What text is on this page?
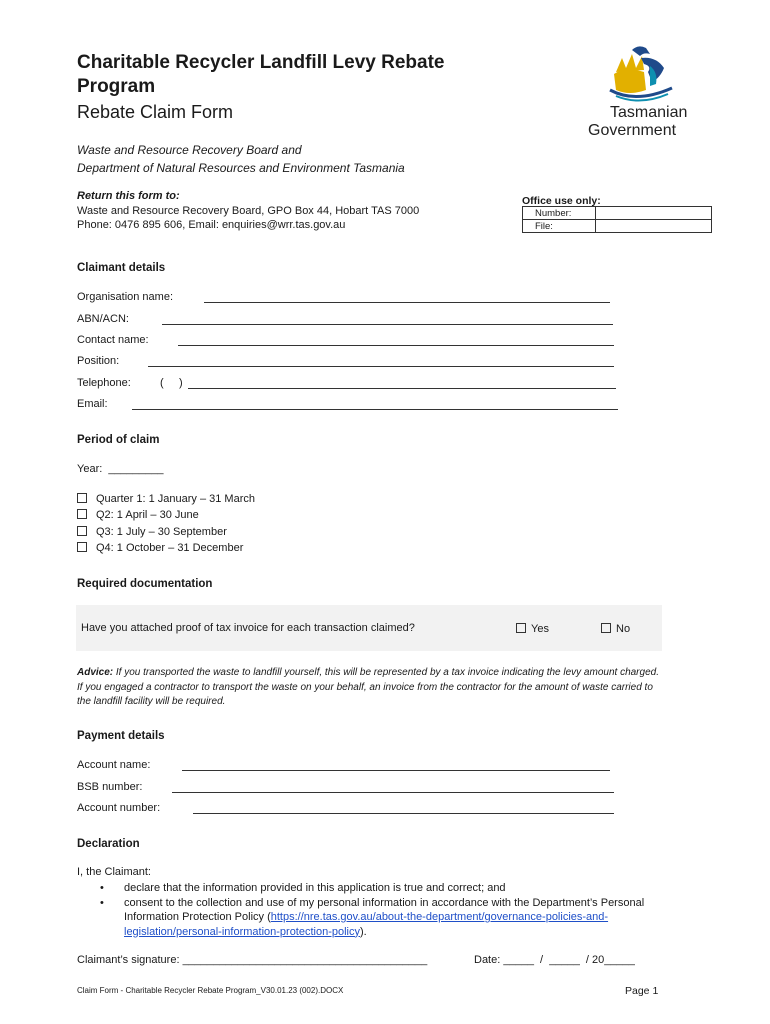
Charitable Recycler Landfill Levy Rebate
Program
Rebate Claim Form
Waste and Resource Recovery Board and
Department of Natural Resources and Environment Tasmania
Tasmanian
Government
Return this form to:
Waste and Resource Recovery Board, GPO Box 44, Hobart TAS 7000
Phone: 0476 895 606, Email: enquiries@wrr.tas.gov.au
Office use only:
Number:	
File:	
Claimant details
Organisation name:
ABN/ACN:
Contact name:
Position:
Telephone:	(     )
Email:
Period of claim
Year:  _________
Quarter 1: 1 January – 31 March
Q2: 1 April – 30 June
Q3: 1 July – 30 September
Q4: 1 October – 31 December
Required documentation
Have you attached proof of tax invoice for each transaction claimed?	Yes	No
Advice: If you transported the waste to landfill yourself, this will be represented by a tax invoice indicating the levy amount charged. If you engaged a contractor to transport the waste on your behalf, an invoice from the contractor for the amount of waste carried to the landfill facility will be required.
Payment details
Account name:
BSB number:
Account number:
Declaration
I, the Claimant:
• declare that the information provided in this application is true and correct; and
• consent to the collection and use of my personal information in accordance with the Department’s Personal Information Protection Policy (https://nre.tas.gov.au/about-the-department/governance-policies-and-legislation/personal-information-protection-policy).
Claimant’s signature: ________________________________________	Date: _____  /  _____  / 20_____
Claim Form - Charitable Recycler Rebate Program_V30.01.23 (002).DOCX	Page 1
